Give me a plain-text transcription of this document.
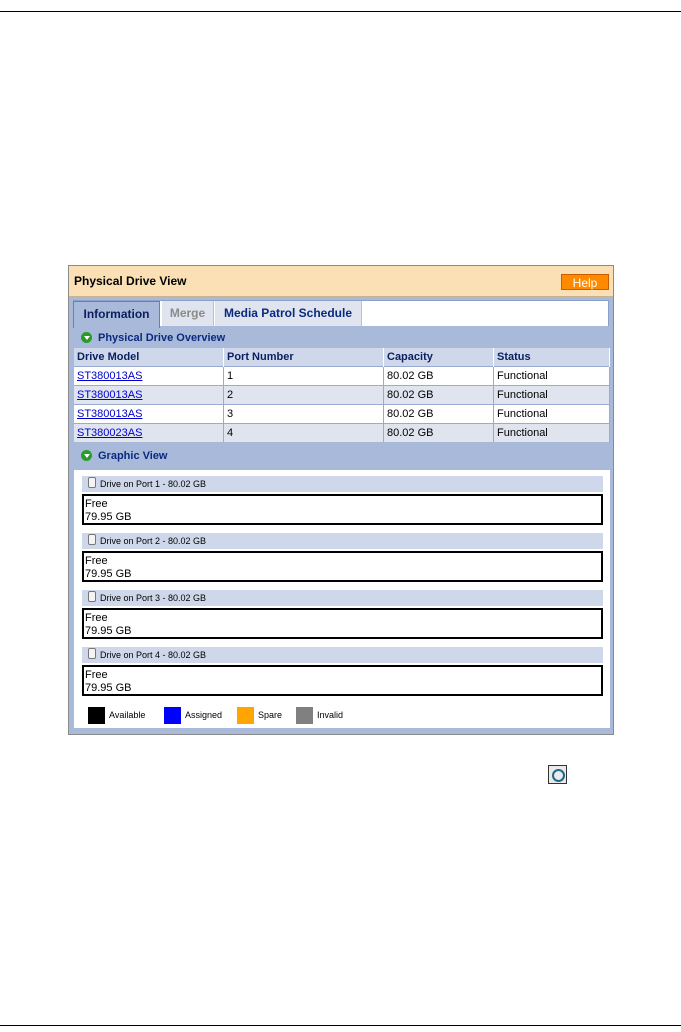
Physical Drive View	Help
Information	Merge	Media Patrol Schedule
Physical Drive Overview
Drive Model	Port Number	Capacity	Status
ST380013AS	1	80.02 GB	Functional
ST380013AS	2	80.02 GB	Functional
ST380013AS	3	80.02 GB	Functional
ST380023AS	4	80.02 GB	Functional
Graphic View
Drive on Port 1 - 80.02 GB
Free
79.95 GB
Drive on Port 2 - 80.02 GB
Free
79.95 GB
Drive on Port 3 - 80.02 GB
Free
79.95 GB
Drive on Port 4 - 80.02 GB
Free
79.95 GB
Available	Assigned	Spare	Invalid
